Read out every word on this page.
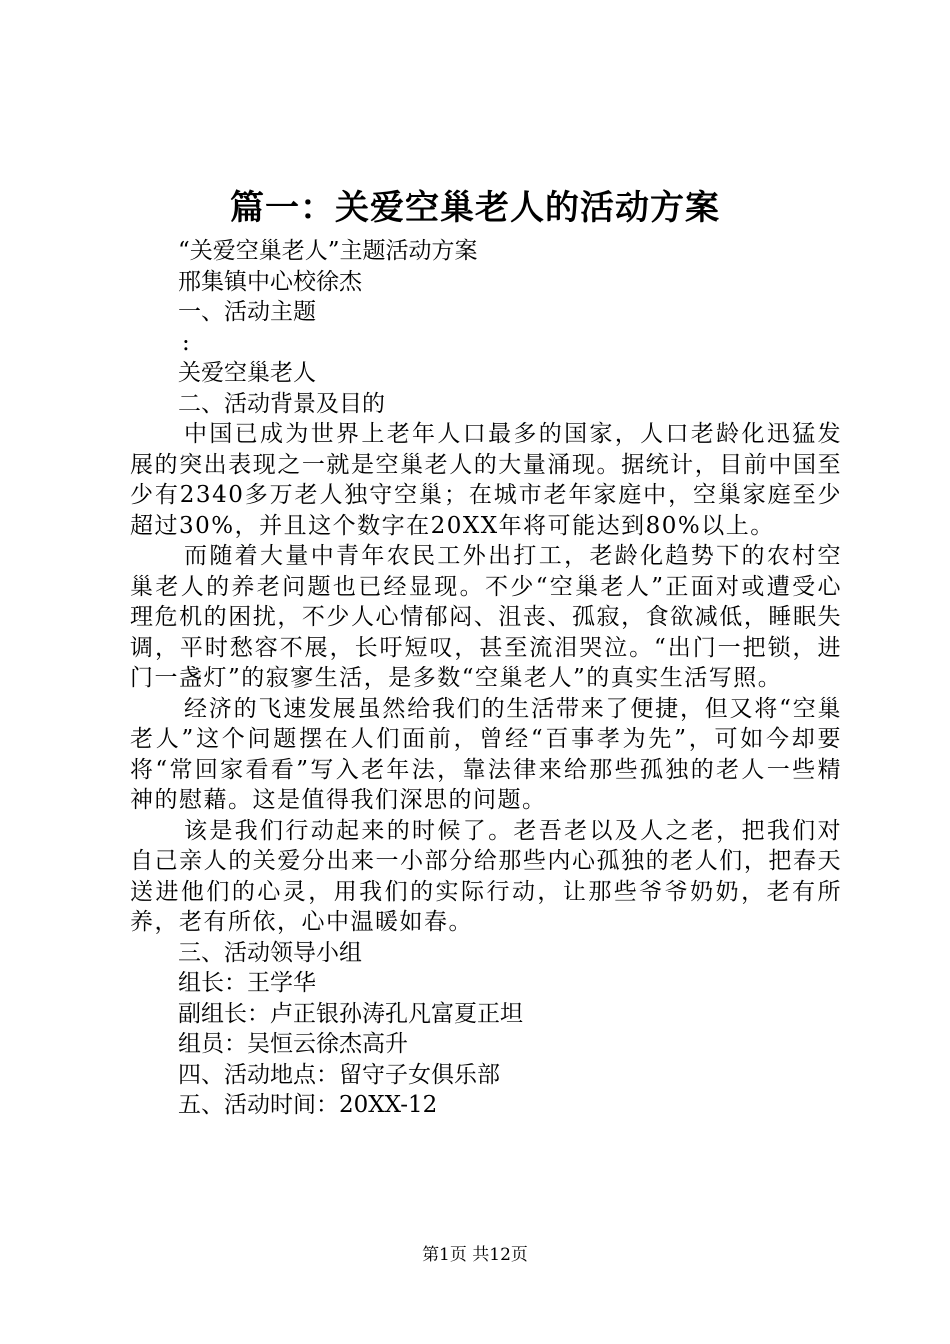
篇一：关爱空巢老人的活动方案

“关爱空巢老人”主题活动方案

邢集镇中心校徐杰

一、活动主题

:

关爱空巢老人

二、活动背景及目的

中国已成为世界上老年人口最多的国家，人口老龄化迅猛发展的突出表现之一就是空巢老人的大量涌现。据统计，目前中国至少有2340多万老人独守空巢；在城市老年家庭中，空巢家庭至少超过30%，并且这个数字在20XX年将可能达到80%以上。

而随着大量中青年农民工外出打工，老龄化趋势下的农村空巢老人的养老问题也已经显现。不少“空巢老人”正面对或遭受心理危机的困扰，不少人心情郁闷、沮丧、孤寂，食欲减低，睡眠失调，平时愁容不展，长吁短叹，甚至流泪哭泣。“出门一把锁，进门一盏灯”的寂寥生活，是多数“空巢老人”的真实生活写照。

经济的飞速发展虽然给我们的生活带来了便捷，但又将“空巢老人”这个问题摆在人们面前，曾经“百事孝为先”，可如今却要将“常回家看看”写入老年法，靠法律来给那些孤独的老人一些精神的慰藉。这是值得我们深思的问题。

该是我们行动起来的时候了。老吾老以及人之老，把我们对自己亲人的关爱分出来一小部分给那些内心孤独的老人们，把春天送进他们的心灵，用我们的实际行动，让那些爷爷奶奶，老有所养，老有所依，心中温暖如春。

三、活动领导小组

组长：王学华

副组长：卢正银孙涛孔凡富夏正坦

组员：吴恒云徐杰高升

四、活动地点：留守子女俱乐部

五、活动时间：20XX-12

第1页 共12页
